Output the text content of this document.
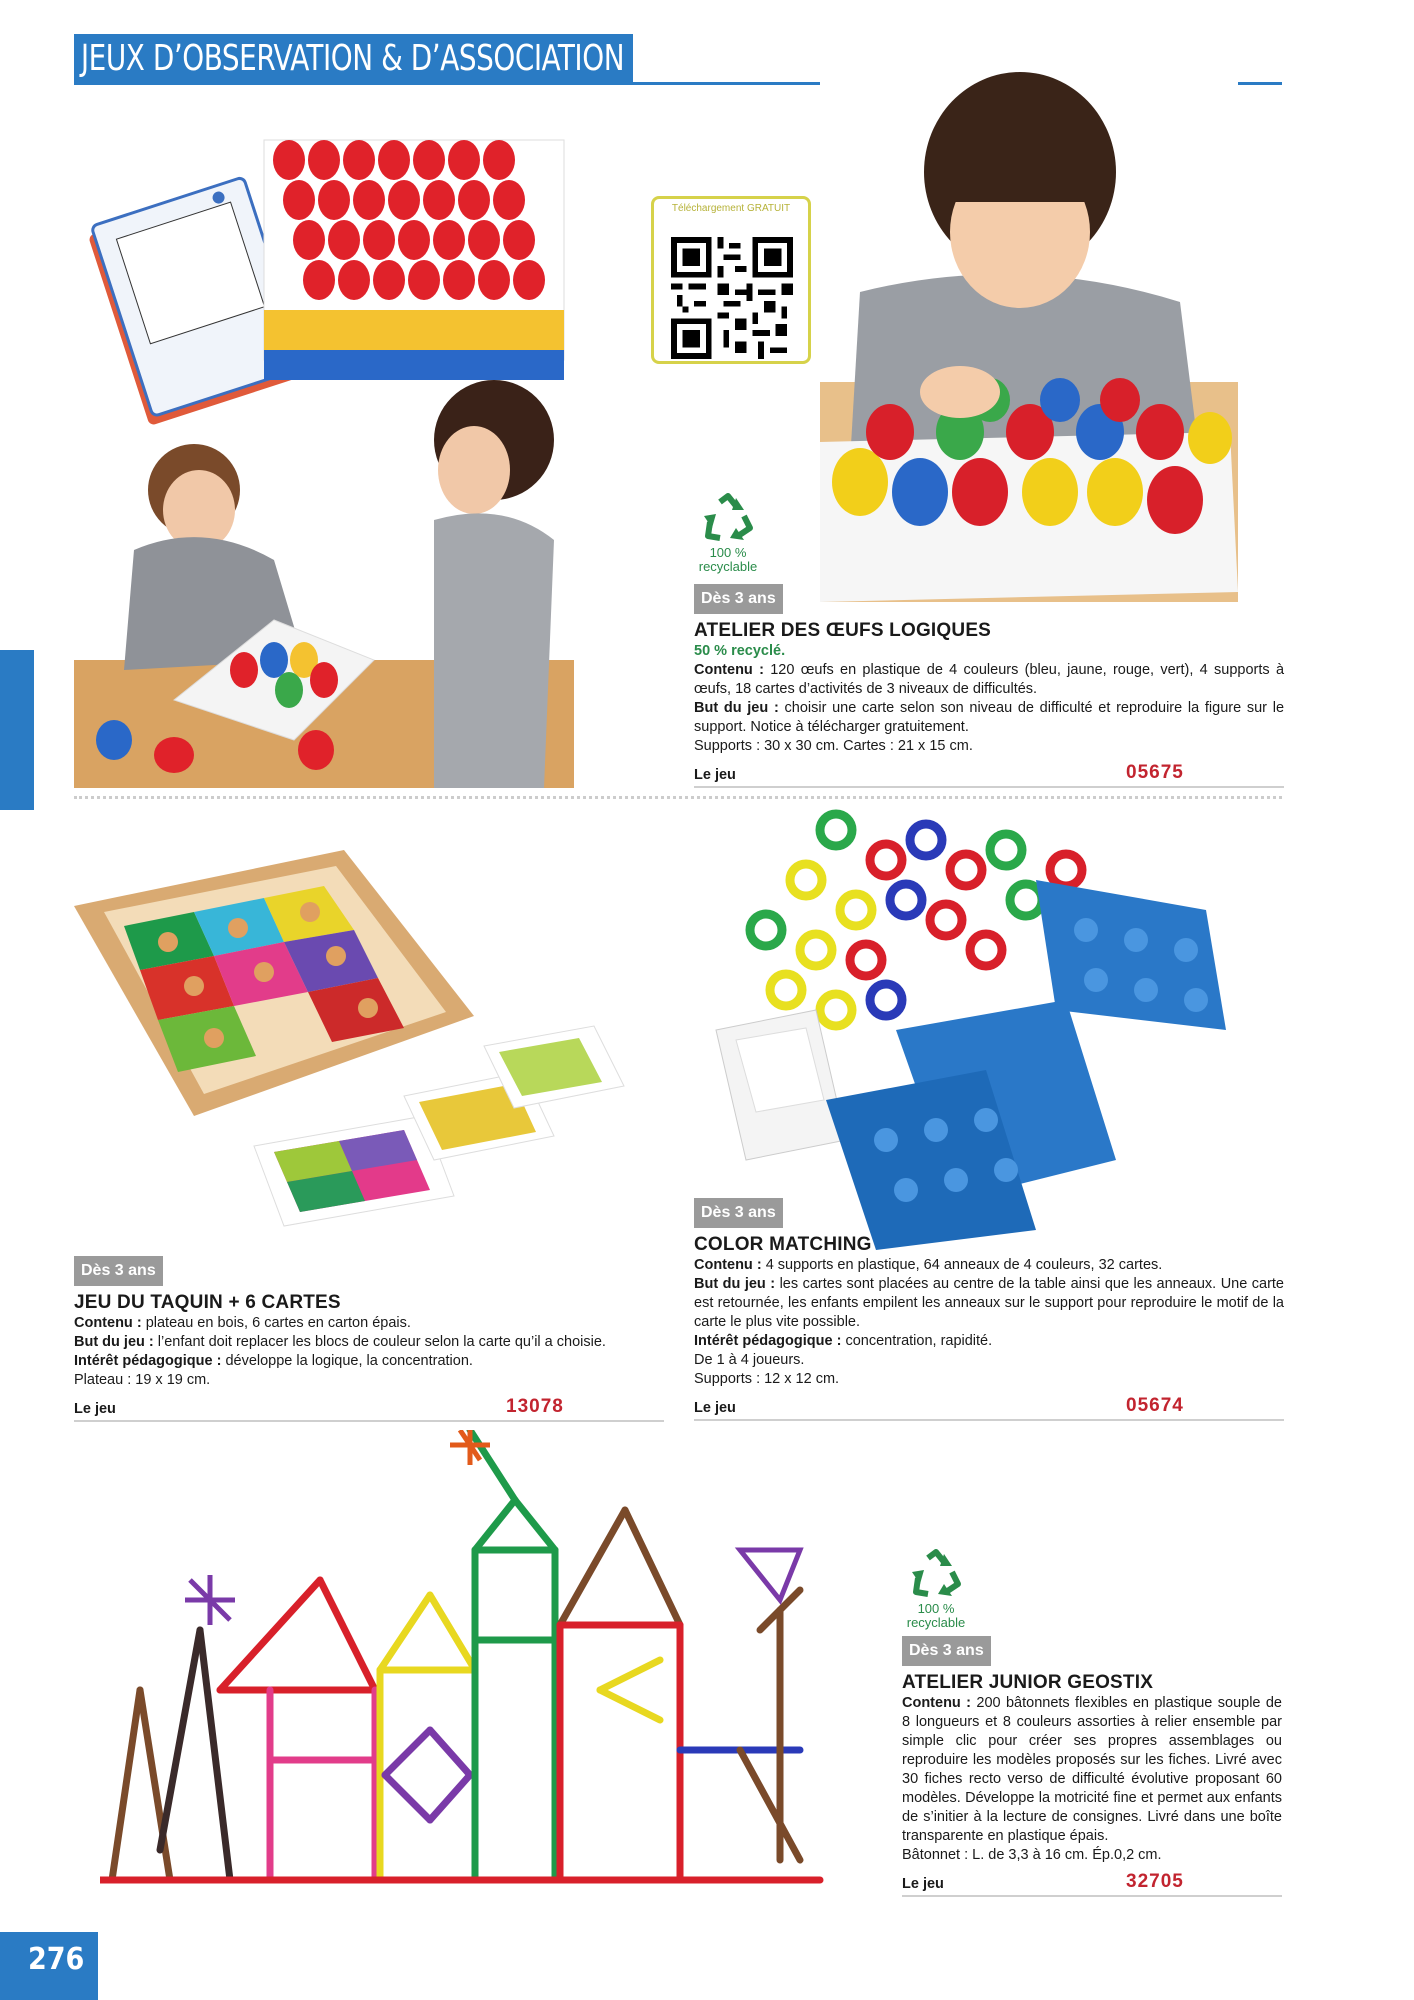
JEUX D’OBSERVATION & D’ASSOCIATION
Téléchargement GRATUIT
100 %
recyclable
Dès 3 ans
ATELIER DES ŒUFS LOGIQUES
50 % recyclé.
Contenu : 120 œufs en plastique de 4 couleurs (bleu, jaune, rouge, vert), 4 supports à œufs, 18 cartes d’activités de 3 niveaux de difficultés.
But du jeu : choisir une carte selon son niveau de difficulté et reproduire la figure sur le support. Notice à télécharger gratuitement.
Supports : 30 x 30 cm. Cartes : 21 x 15 cm.
Le jeu	05675
Dès 3 ans
JEU DU TAQUIN + 6 CARTES
Contenu : plateau en bois, 6 cartes en carton épais.
But du jeu : l’enfant doit replacer les blocs de couleur selon la carte qu’il a choisie.
Intérêt pédagogique : développe la logique, la concentration.
Plateau : 19 x 19 cm.
Le jeu	13078
Dès 3 ans
COLOR MATCHING
Contenu : 4 supports en plastique, 64 anneaux de 4 couleurs, 32 cartes.
But du jeu : les cartes sont placées au centre de la table ainsi que les anneaux. Une carte est retournée, les enfants empilent les anneaux sur le support pour reproduire le motif de la carte le plus vite possible.
Intérêt pédagogique : concentration, rapidité.
De 1 à 4 joueurs.
Supports : 12 x 12 cm.
Le jeu	05674
100 %
recyclable
Dès 3 ans
ATELIER JUNIOR GEOSTIX
Contenu : 200 bâtonnets flexibles en plastique souple de 8 longueurs et 8 couleurs assorties à relier ensemble par simple clic pour créer ses propres assemblages ou reproduire les modèles proposés sur les fiches. Livré avec 30 fiches recto verso de difficulté évolutive proposant 60 modèles. Développe la motricité fine et permet aux enfants de s’initier à la lecture de consignes. Livré dans une boîte transparente en plastique épais.
Bâtonnet : L. de 3,3 à 16 cm. Ép.0,2 cm.
Le jeu	32705
276
